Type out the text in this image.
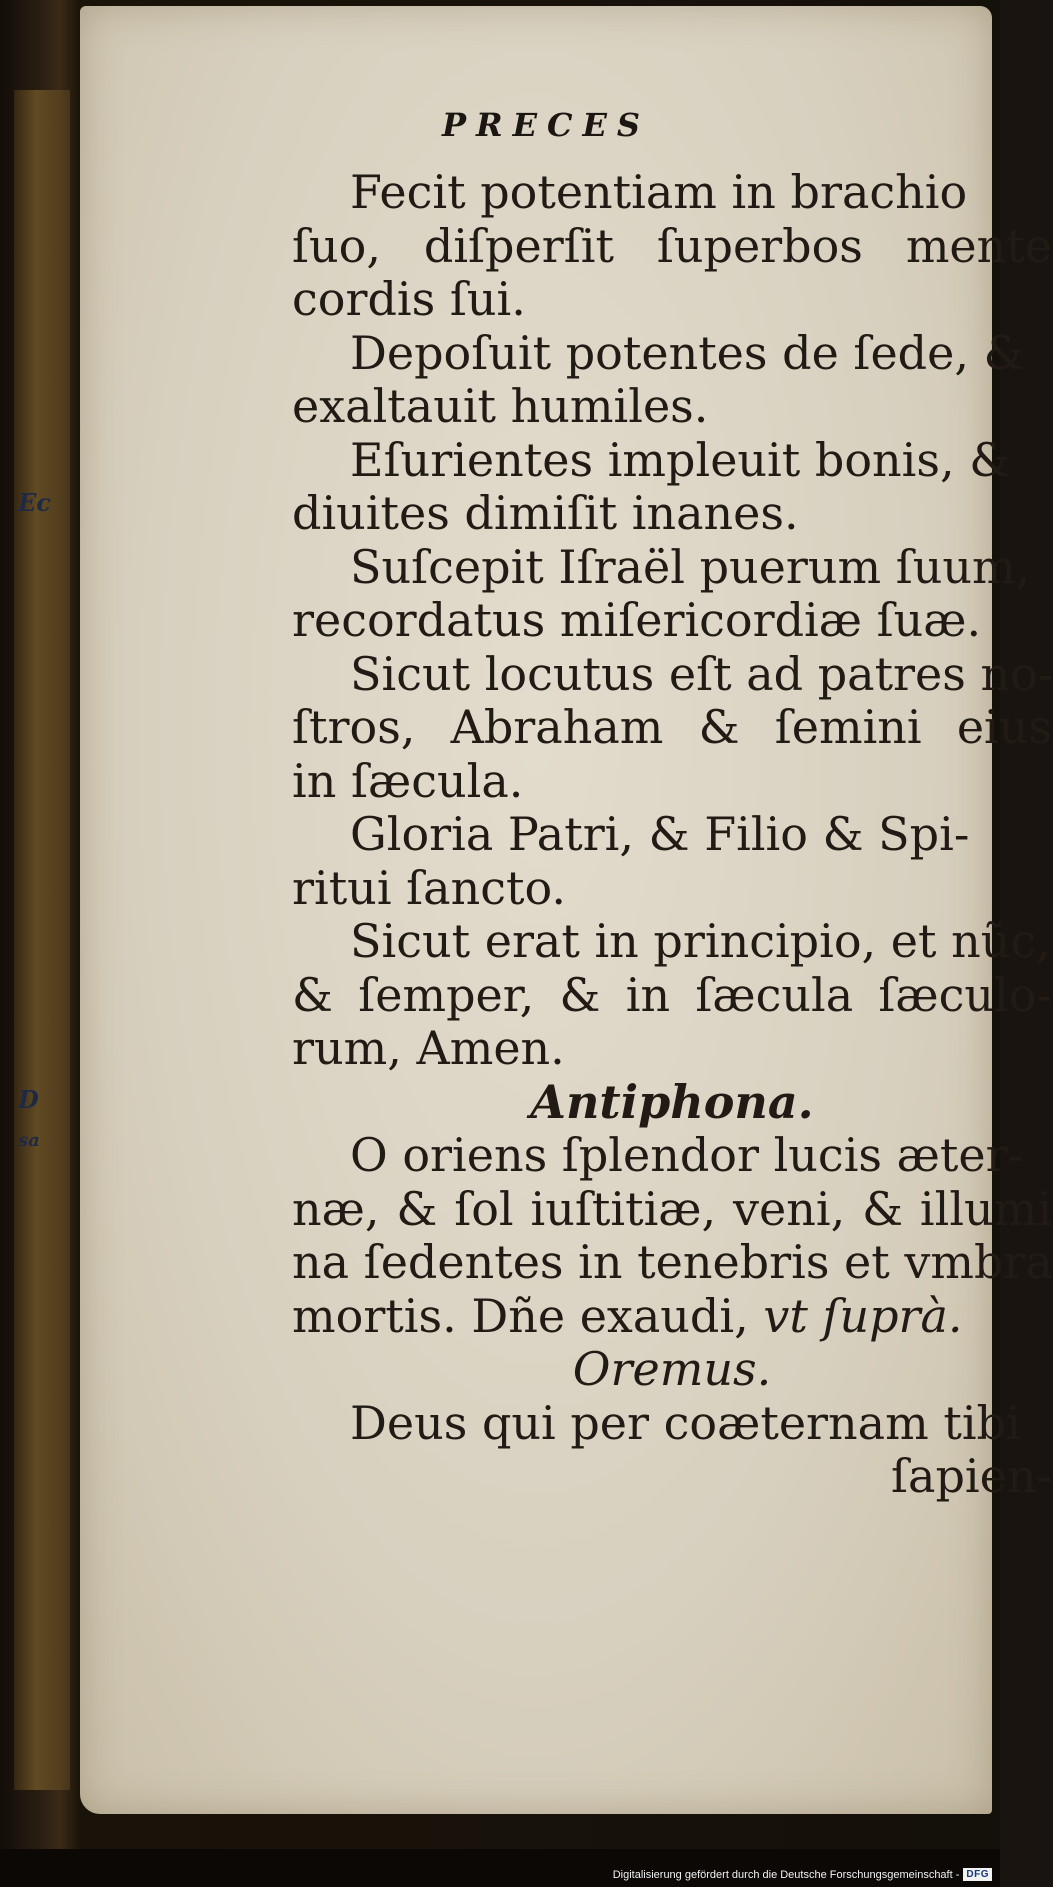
Ec
D
sa
PRECES
Fecit potentiam in brachio
ſuo, diſperſit ſuperbos mente
cordis ſui.
Depoſuit potentes de ſede, &
exaltauit humiles.
Eſurientes impleuit bonis, &
diuites dimiſit inanes.
Suſcepit Iſraël puerum ſuum,
recordatus miſericordiæ ſuæ.
Sicut locutus eſt ad patres no-
ſtros, Abraham & ſemini eius
in ſæcula.
Gloria Patri, & Filio & Spi-
ritui ſancto.
Sicut erat in principio, et nũc,
& ſemper, & in ſæcula ſæculo-
rum, Amen.
Antiphona.
O oriens ſplendor lucis æter-
næ, & ſol iuſtitiæ, veni, & illumi
na ſedentes in tenebris et vmbra
mortis. Dñe exaudi, vt ſuprà.
Oremus.
Deus qui per coæternam tibi
ſapien-
Digitalisierung gefördert durch die Deutsche Forschungsgemeinschaft - DFG
